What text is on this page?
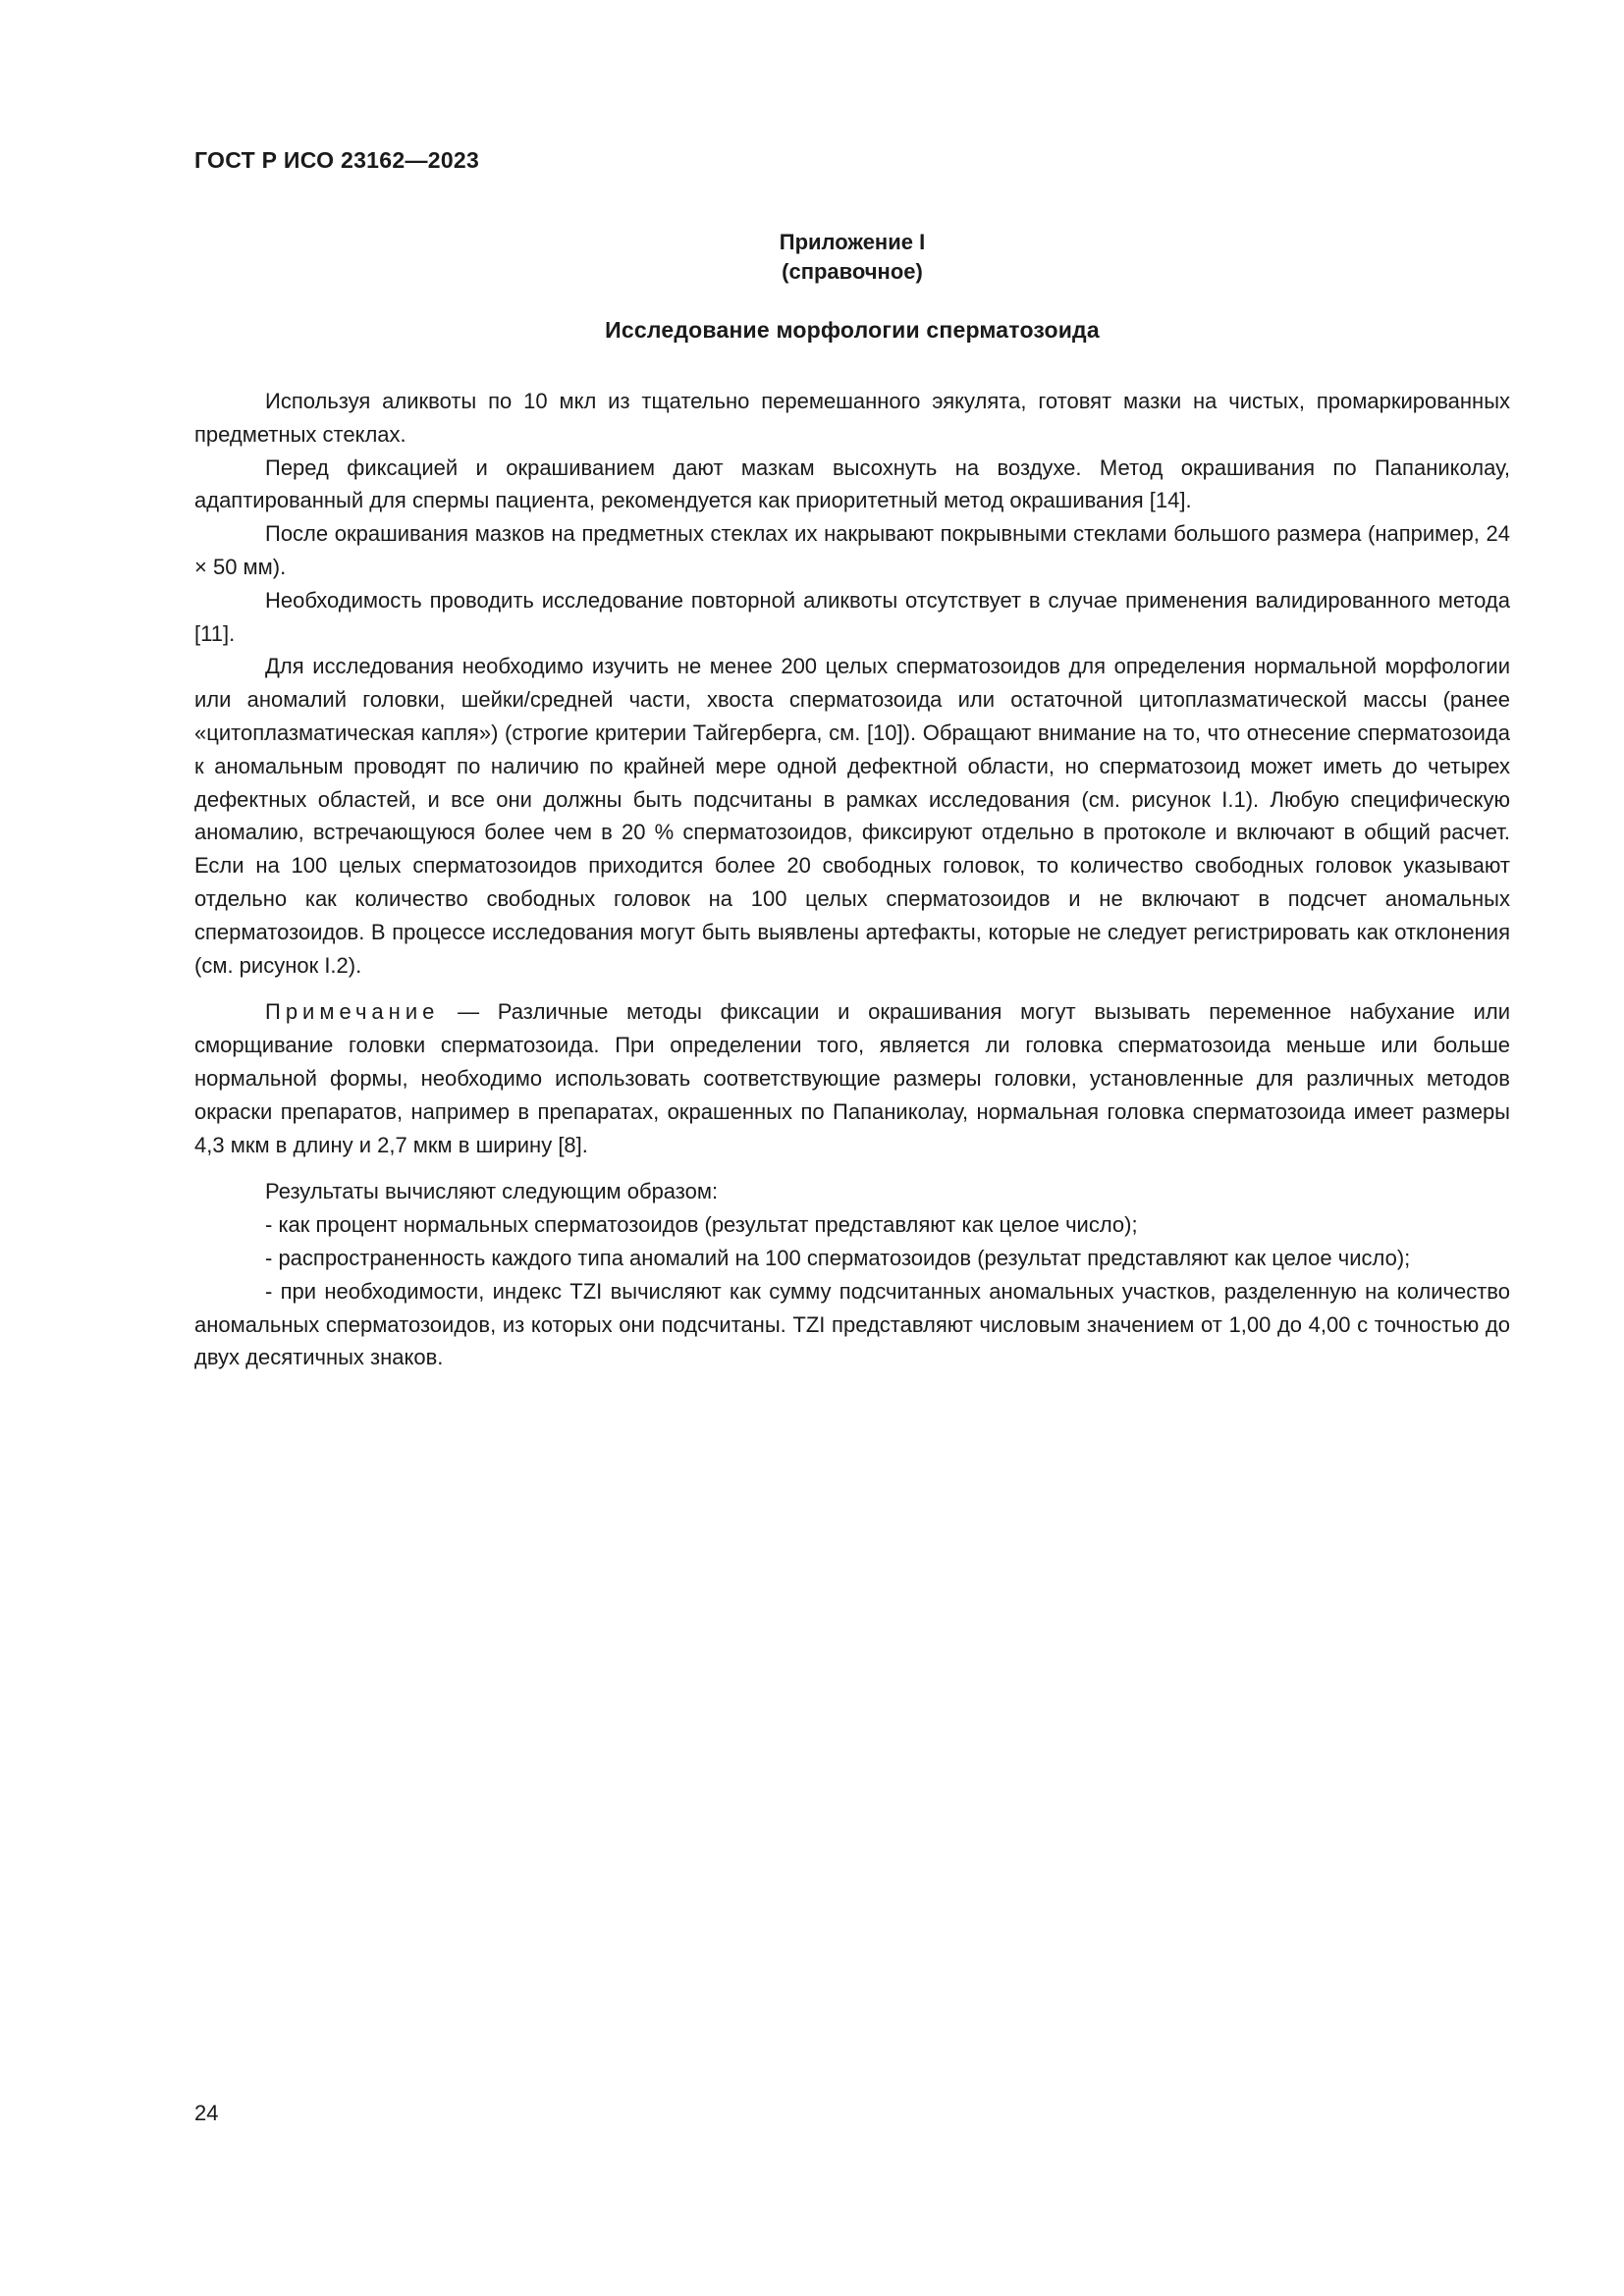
ГОСТ Р ИСО 23162—2023
Приложение I
(справочное)
Исследование морфологии сперматозоида

Используя аликвоты по 10 мкл из тщательно перемешанного эякулята, готовят мазки на чистых, промаркированных предметных стеклах.

Перед фиксацией и окрашиванием дают мазкам высохнуть на воздухе. Метод окрашивания по Папаниколау, адаптированный для спермы пациента, рекомендуется как приоритетный метод окрашивания [14].

После окрашивания мазков на предметных стеклах их накрывают покрывными стеклами большого размера (например, 24 × 50 мм).

Необходимость проводить исследование повторной аликвоты отсутствует в случае применения валидированного метода [11].

Для исследования необходимо изучить не менее 200 целых сперматозоидов для определения нормальной морфологии или аномалий головки, шейки/средней части, хвоста сперматозоида или остаточной цитоплазматической массы (ранее «цитоплазматическая капля») (строгие критерии Тайгерберга, см. [10]). Обращают внимание на то, что отнесение сперматозоида к аномальным проводят по наличию по крайней мере одной дефектной области, но сперматозоид может иметь до четырех дефектных областей, и все они должны быть подсчитаны в рамках исследования (см. рисунок I.1). Любую специфическую аномалию, встречающуюся более чем в 20 % сперматозоидов, фиксируют отдельно в протоколе и включают в общий расчет. Если на 100 целых сперматозоидов приходится более 20 свободных головок, то количество свободных головок указывают отдельно как количество свободных головок на 100 целых сперматозоидов и не включают в подсчет аномальных сперматозоидов. В процессе исследования могут быть выявлены артефакты, которые не следует регистрировать как отклонения (см. рисунок I.2).

Примечание — Различные методы фиксации и окрашивания могут вызывать переменное набухание или сморщивание головки сперматозоида. При определении того, является ли головка сперматозоида меньше или больше нормальной формы, необходимо использовать соответствующие размеры головки, установленные для различных методов окраски препаратов, например в препаратах, окрашенных по Папаниколау, нормальная головка сперматозоида имеет размеры 4,3 мкм в длину и 2,7 мкм в ширину [8].

Результаты вычисляют следующим образом:

- как процент нормальных сперматозоидов (результат представляют как целое число);

- распространенность каждого типа аномалий на 100 сперматозоидов (результат представляют как целое число);

- при необходимости, индекс TZI вычисляют как сумму подсчитанных аномальных участков, разделенную на количество аномальных сперматозоидов, из которых они подсчитаны. TZI представляют числовым значением от 1,00 до 4,00 с точностью до двух десятичных знаков.

24
